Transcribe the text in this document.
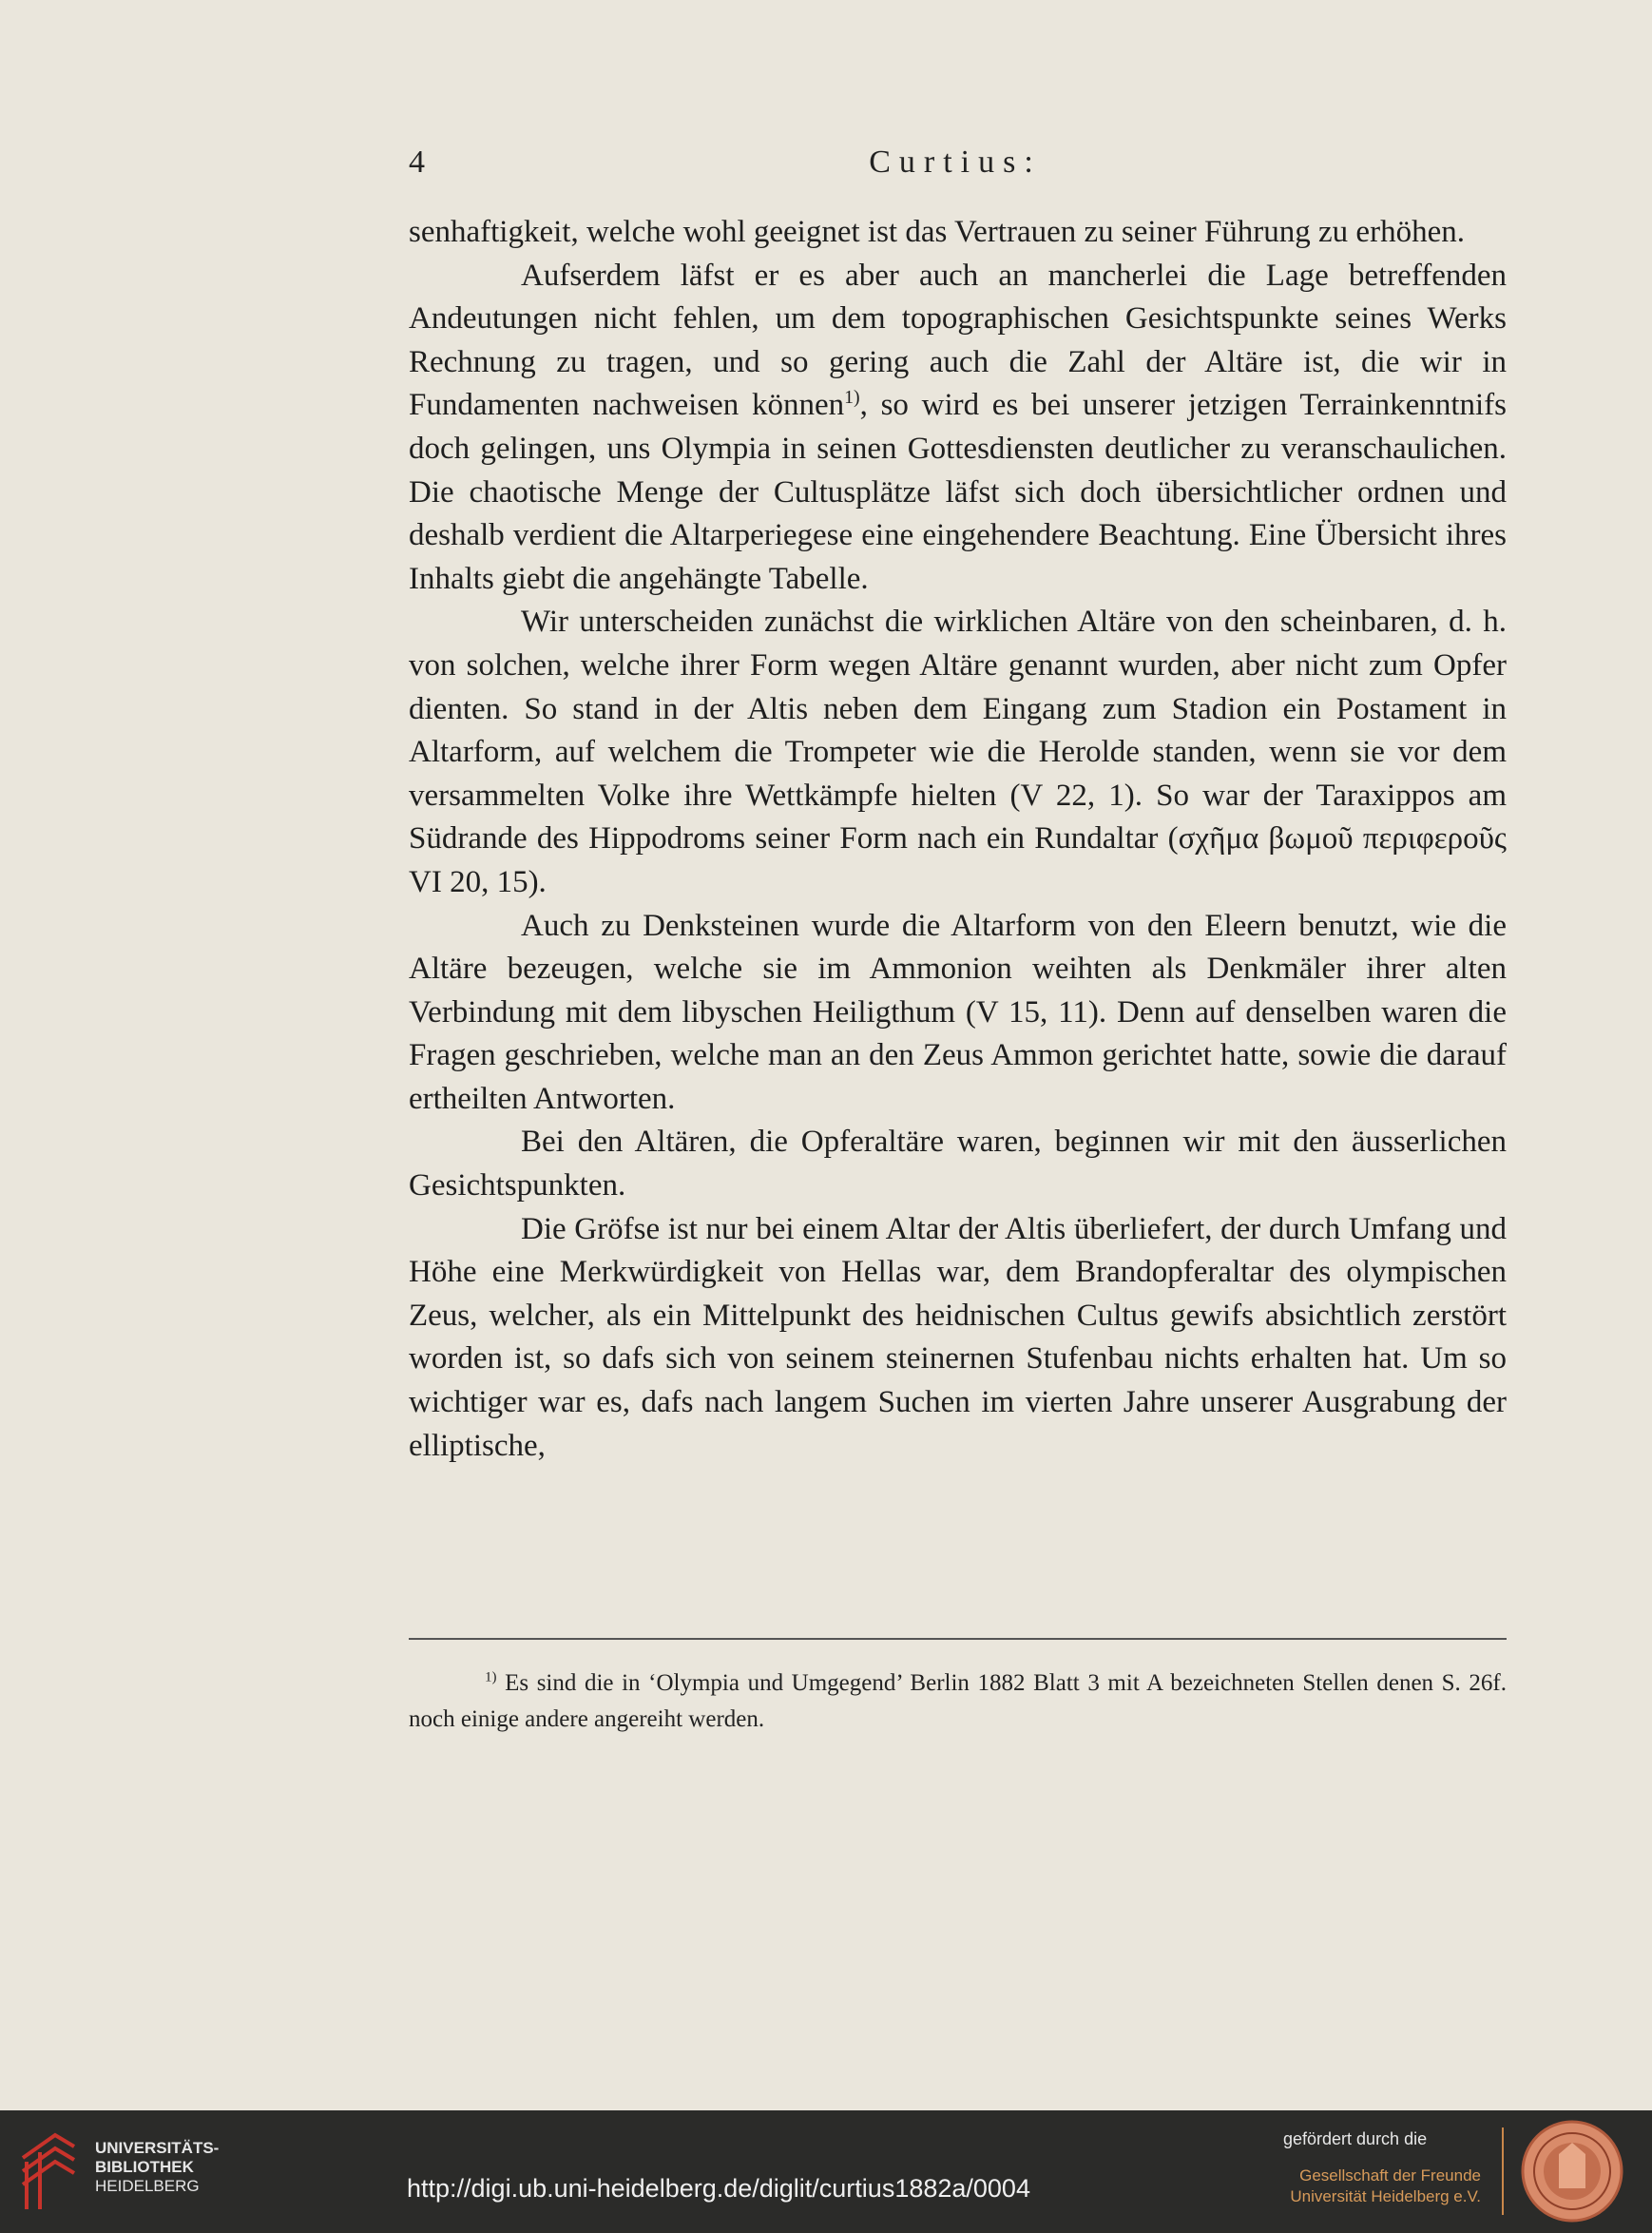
4	Curtius:

senhaftigkeit, welche wohl geeignet ist das Vertrauen zu seiner Führung zu erhöhen.

Aufserdem läfst er es aber auch an mancherlei die Lage betreffenden Andeutungen nicht fehlen, um dem topographischen Gesichtspunkte seines Werks Rechnung zu tragen, und so gering auch die Zahl der Altäre ist, die wir in Fundamenten nachweisen können$^{1)}$, so wird es bei unserer jetzigen Terrainkenntnifs doch gelingen, uns Olympia in seinen Gottesdiensten deutlicher zu veranschaulichen. Die chaotische Menge der Cultusplätze läfst sich doch übersichtlicher ordnen und deshalb verdient die Altarperiegese eine eingehendere Beachtung. Eine Übersicht ihres Inhalts giebt die angehängte Tabelle.

Wir unterscheiden zunächst die wirklichen Altäre von den scheinbaren, d. h. von solchen, welche ihrer Form wegen Altäre genannt wurden, aber nicht zum Opfer dienten. So stand in der Altis neben dem Eingang zum Stadion ein Postament in Altarform, auf welchem die Trompeter wie die Herolde standen, wenn sie vor dem versammelten Volke ihre Wettkämpfe hielten (V 22, 1). So war der Taraxippos am Südrande des Hippodroms seiner Form nach ein Rundaltar (σχῆμα βωμοῦ περιφεροῦς VI 20, 15).

Auch zu Denksteinen wurde die Altarform von den Eleern benutzt, wie die Altäre bezeugen, welche sie im Ammonion weihten als Denkmäler ihrer alten Verbindung mit dem libyschen Heiligthum (V 15, 11). Denn auf denselben waren die Fragen geschrieben, welche man an den Zeus Ammon gerichtet hatte, sowie die darauf ertheilten Antworten.

Bei den Altären, die Opferaltäre waren, beginnen wir mit den äusserlichen Gesichtspunkten.

Die Gröfse ist nur bei einem Altar der Altis überliefert, der durch Umfang und Höhe eine Merkwürdigkeit von Hellas war, dem Brandopferaltar des olympischen Zeus, welcher, als ein Mittelpunkt des heidnischen Cultus gewifs absichtlich zerstört worden ist, so dafs sich von seinem steinernen Stufenbau nichts erhalten hat. Um so wichtiger war es, dafs nach langem Suchen im vierten Jahre unserer Ausgrabung der elliptische,

$^{1)}$ Es sind die in ‘Olympia und Umgegend’ Berlin 1882 Blatt 3 mit A bezeichneten Stellen denen S. 26f. noch einige andere angereiht werden.
UNIVERSITÄTS-
BIBLIOTHEK
HEIDELBERG	http://digi.ub.uni-heidelberg.de/diglit/curtius1882a/0004
gefördert durch die
Gesellschaft der Freunde
Universität Heidelberg e.V.
